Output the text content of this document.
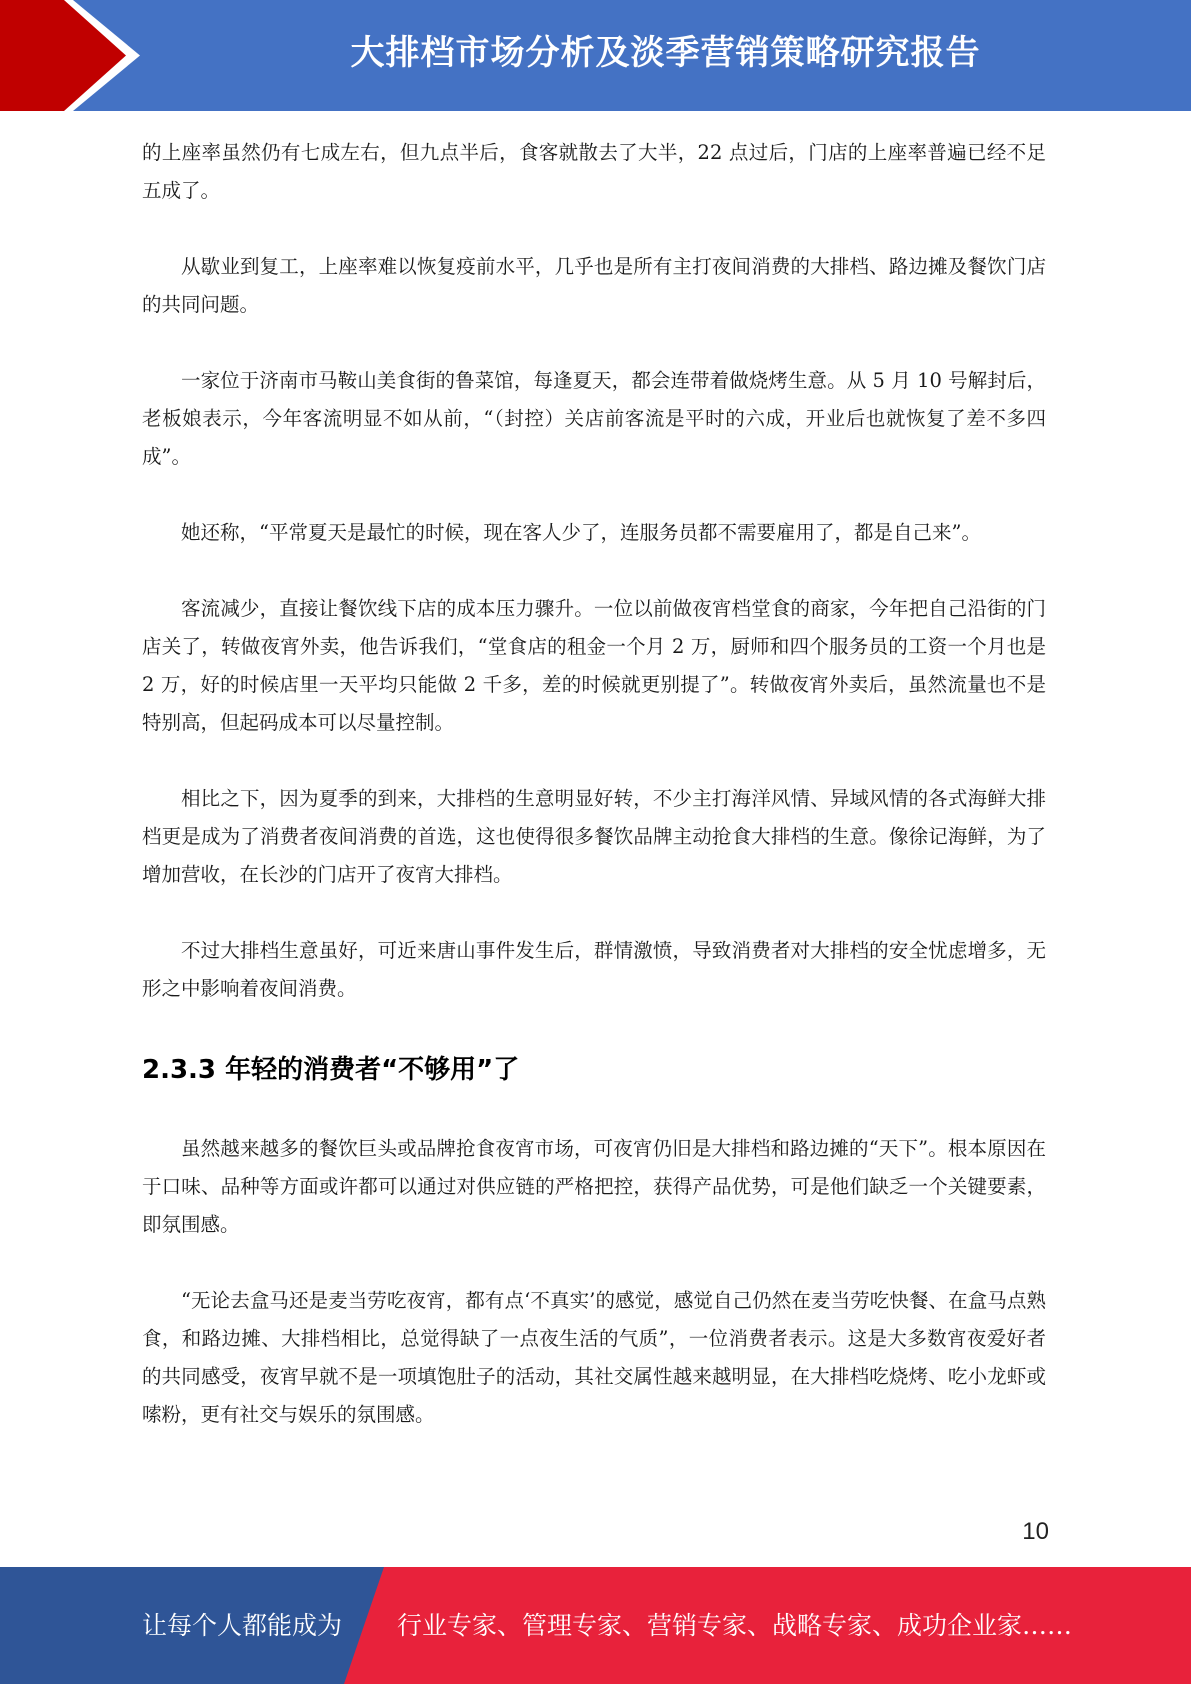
大排档市场分析及淡季营销策略研究报告

的上座率虽然仍有七成左右，但九点半后，食客就散去了大半，22 点过后，门店的上座率普遍已经不足五成了。

从歇业到复工，上座率难以恢复疫前水平，几乎也是所有主打夜间消费的大排档、路边摊及餐饮门店的共同问题。

一家位于济南市马鞍山美食街的鲁菜馆，每逢夏天，都会连带着做烧烤生意。从 5 月 10 号解封后，老板娘表示，今年客流明显不如从前，“（封控）关店前客流是平时的六成，开业后也就恢复了差不多四成”。

她还称，“平常夏天是最忙的时候，现在客人少了，连服务员都不需要雇用了，都是自己来”。

客流减少，直接让餐饮线下店的成本压力骤升。一位以前做夜宵档堂食的商家，今年把自己沿街的门店关了，转做夜宵外卖，他告诉我们，“堂食店的租金一个月 2 万，厨师和四个服务员的工资一个月也是 2 万，好的时候店里一天平均只能做 2 千多，差的时候就更别提了”。转做夜宵外卖后，虽然流量也不是特别高，但起码成本可以尽量控制。

相比之下，因为夏季的到来，大排档的生意明显好转，不少主打海洋风情、异域风情的各式海鲜大排档更是成为了消费者夜间消费的首选，这也使得很多餐饮品牌主动抢食大排档的生意。像徐记海鲜，为了增加营收，在长沙的门店开了夜宵大排档。

不过大排档生意虽好，可近来唐山事件发生后，群情激愤，导致消费者对大排档的安全忧虑增多，无形之中影响着夜间消费。

2.3.3 年轻的消费者“不够用”了

虽然越来越多的餐饮巨头或品牌抢食夜宵市场，可夜宵仍旧是大排档和路边摊的“天下”。根本原因在于口味、品种等方面或许都可以通过对供应链的严格把控，获得产品优势，可是他们缺乏一个关键要素，即氛围感。

“无论去盒马还是麦当劳吃夜宵，都有点‘不真实’的感觉，感觉自己仍然在麦当劳吃快餐、在盒马点熟食，和路边摊、大排档相比，总觉得缺了一点夜生活的气质”，一位消费者表示。这是大多数宵夜爱好者的共同感受，夜宵早就不是一项填饱肚子的活动，其社交属性越来越明显，在大排档吃烧烤、吃小龙虾或嗦粉，更有社交与娱乐的氛围感。

10
让每个人都能成为 行业专家、管理专家、营销专家、战略专家、成功企业家……
